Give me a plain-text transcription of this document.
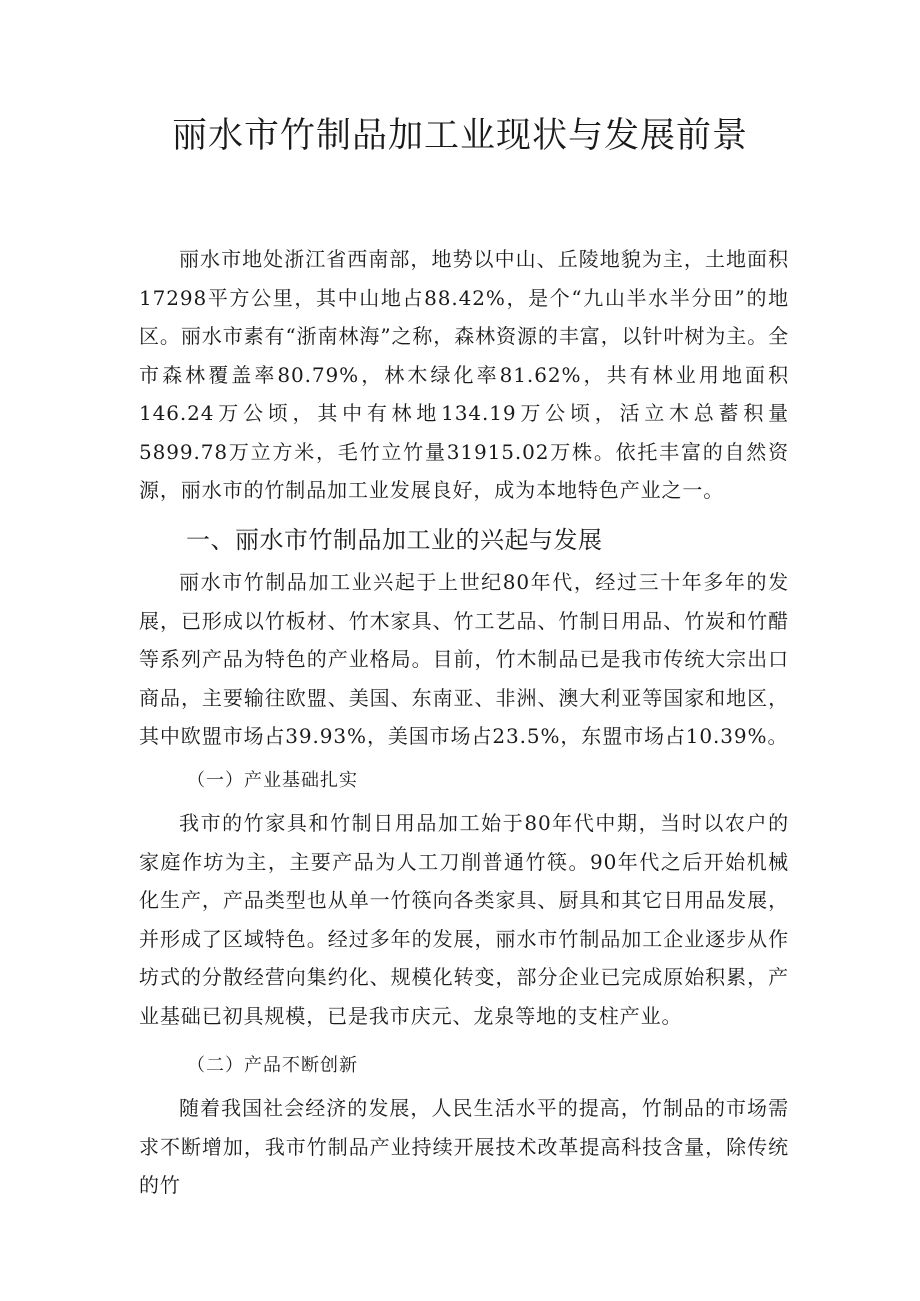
丽水市竹制品加工业现状与发展前景

丽水市地处浙江省西南部，地势以中山、丘陵地貌为主，土地面积17298平方公里，其中山地占88.42%，是个“九山半水半分田”的地区。丽水市素有“浙南林海”之称，森林资源的丰富，以针叶树为主。全市森林覆盖率80.79%，林木绿化率81.62%，共有林业用地面积146.24万公顷，其中有林地134.19万公顷，活立木总蓄积量5899.78万立方米，毛竹立竹量31915.02万株。依托丰富的自然资源，丽水市的竹制品加工业发展良好，成为本地特色产业之一。

一、丽水市竹制品加工业的兴起与发展

丽水市竹制品加工业兴起于上世纪80年代，经过三十年多年的发展，已形成以竹板材、竹木家具、竹工艺品、竹制日用品、竹炭和竹醋等系列产品为特色的产业格局。目前，竹木制品已是我市传统大宗出口商品，主要输往欧盟、美国、东南亚、非洲、澳大利亚等国家和地区，其中欧盟市场占39.93%，美国市场占23.5%，东盟市场占10.39%。

（一）产业基础扎实

我市的竹家具和竹制日用品加工始于80年代中期，当时以农户的家庭作坊为主，主要产品为人工刀削普通竹筷。90年代之后开始机械化生产，产品类型也从单一竹筷向各类家具、厨具和其它日用品发展，并形成了区域特色。经过多年的发展，丽水市竹制品加工企业逐步从作坊式的分散经营向集约化、规模化转变，部分企业已完成原始积累，产业基础已初具规模，已是我市庆元、龙泉等地的支柱产业。

（二）产品不断创新

随着我国社会经济的发展，人民生活水平的提高，竹制品的市场需求不断增加，我市竹制品产业持续开展技术改革提高科技含量，除传统的竹
